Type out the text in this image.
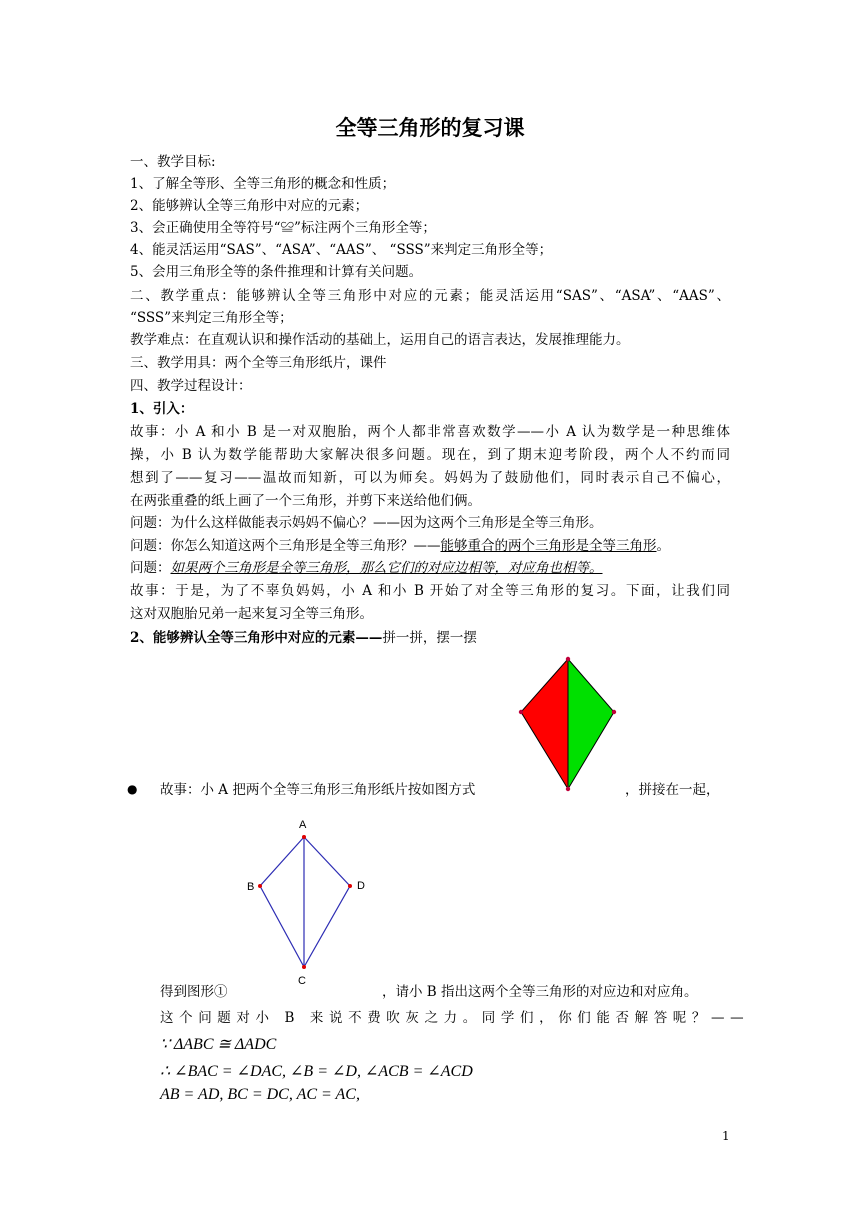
全等三角形的复习课
一、教学目标:
1、了解全等形、全等三角形的概念和性质；
2、能够辨认全等三角形中对应的元素；
3、会正确使用全等符号“≌”标注两个三角形全等；
4、能灵活运用“SAS”、“ASA”、“AAS”、 “SSS”来判定三角形全等；
5、会用三角形全等的条件推理和计算有关问题。
二、教学重点：能够辨认全等三角形中对应的元素；能灵活运用“SAS”、“ASA”、“AAS”、
“SSS”来判定三角形全等；
教学难点：在直观认识和操作活动的基础上，运用自己的语言表达，发展推理能力。
三、教学用具：两个全等三角形纸片，课件
四、教学过程设计：
1、引入：
故事：小 A 和小 B 是一对双胞胎，两个人都非常喜欢数学——小 A 认为数学是一种思维体
操，小 B 认为数学能帮助大家解决很多问题。现在，到了期末迎考阶段，两个人不约而同
想到了——复习——温故而知新，可以为师矣。妈妈为了鼓励他们，同时表示自己不偏心，
在两张重叠的纸上画了一个三角形，并剪下来送给他们俩。
问题：为什么这样做能表示妈妈不偏心？——因为这两个三角形是全等三角形。
问题：你怎么知道这两个三角形是全等三角形？——能够重合的两个三角形是全等三角形。
问题：如果两个三角形是全等三角形，那么它们的对应边相等，对应角也相等。
故事：于是，为了不辜负妈妈，小 A 和小 B 开始了对全等三角形的复习。下面，让我们同
这对双胞胎兄弟一起来复习全等三角形。
2、能够辨认全等三角形中对应的元素——拼一拼，摆一摆
● 故事：小 A 把两个全等三角形三角形纸片按如图方式	，拼接在一起，
A
B	D
C
得到图形①	，请小 B 指出这两个全等三角形的对应边和对应角。
这个问题对小 B 来说不费吹灰之力。同学们，你们能否解答呢？——
∵ ΔABC ≅ ΔADC
∴ ∠BAC = ∠DAC, ∠B = ∠D, ∠ACB = ∠ACD
AB = AD, BC = DC, AC = AC,
1
